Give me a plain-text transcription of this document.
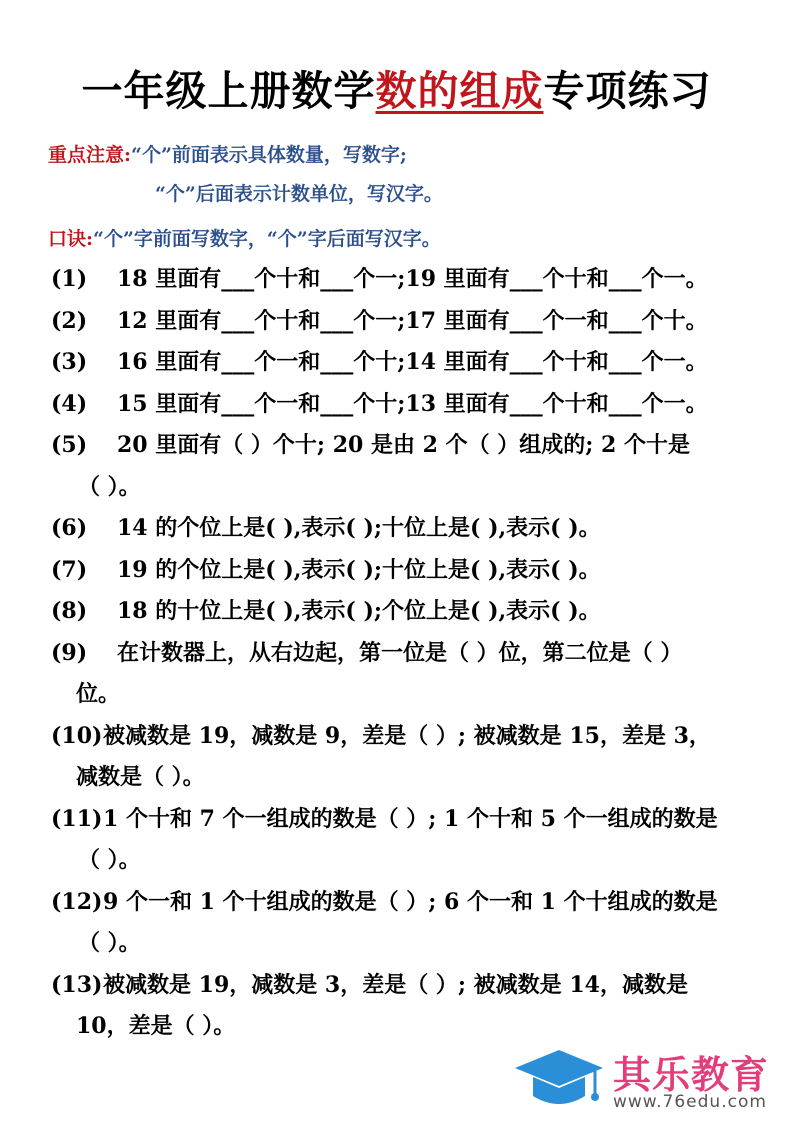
一年级上册数学数的组成专项练习
重点注意:“个”前面表示具体数量，写数字;
“个”后面表示计数单位，写汉字。
口诀:“个”字前面写数字，“个”字后面写汉字。
(1) 18 里面有___个十和___个一;19 里面有___个十和___个一。
(2) 12 里面有___个十和___个一;17 里面有___个一和___个十。
(3) 16 里面有___个一和___个十;14 里面有___个十和___个一。
(4) 15 里面有___个一和___个十;13 里面有___个十和___个一。
(5) 20 里面有（ ）个十; 20 是由 2 个（ ）组成的; 2 个十是
（ ）。
(6) 14 的个位上是( ),表示( );十位上是( ),表示( )。
(7) 19 的个位上是( ),表示( );十位上是( ),表示( )。
(8) 18 的十位上是( ),表示( );个位上是( ),表示( )。
(9) 在计数器上，从右边起，第一位是（ ）位，第二位是（ ）
位。
(10)被减数是 19，减数是 9，差是（ ）; 被减数是 15，差是 3，
减数是（ ）。
(11)1 个十和 7 个一组成的数是（ ）; 1 个十和 5 个一组成的数是
（ ）。
(12)9 个一和 1 个十组成的数是（ ）; 6 个一和 1 个十组成的数是
（ ）。
(13)被减数是 19，减数是 3，差是（ ）; 被减数是 14，减数是
10，差是（ ）。
其乐教育
www.76edu.com
